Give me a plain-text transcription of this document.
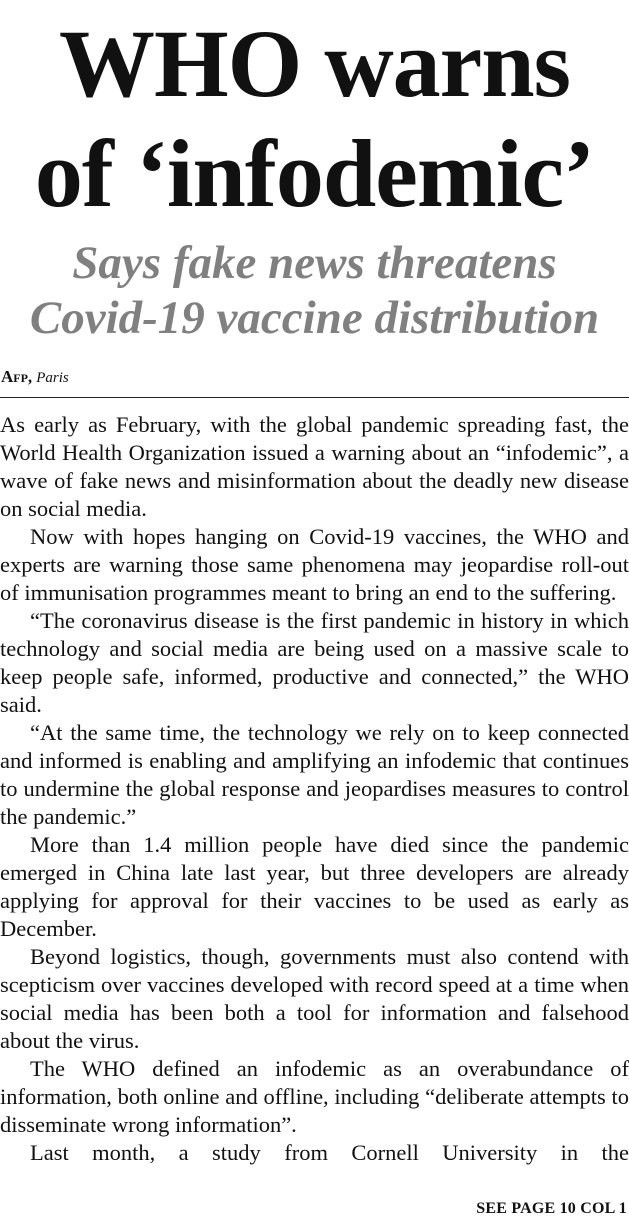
WHO warns
of ‘infodemic’
Says fake news threatens
Covid-19 vaccine distribution
Afp, Paris

As early as February, with the global pandemic spreading fast, the World Health Organization issued a warning about an “infodemic”, a wave of fake news and misinformation about the deadly new disease on social media.

Now with hopes hanging on Covid-19 vaccines, the WHO and experts are warning those same phenomena may jeopardise roll-out of immunisation programmes meant to bring an end to the suffering.

“The coronavirus disease is the first pandemic in history in which technology and social media are being used on a massive scale to keep people safe, informed, productive and connected,” the WHO said.

“At the same time, the technology we rely on to keep connected and informed is enabling and amplifying an infodemic that continues to undermine the global response and jeopardises measures to control the pandemic.”

More than 1.4 million people have died since the pandemic emerged in China late last year, but three developers are already applying for approval for their vaccines to be used as early as December.

Beyond logistics, though, governments must also contend with scepticism over vaccines developed with record speed at a time when social media has been both a tool for information and falsehood about the virus.

The WHO defined an infodemic as an overabundance of information, both online and offline, including “deliberate attempts to disseminate wrong information”.

Last month, a study from Cornell University in the

SEE PAGE 10 COL 1
